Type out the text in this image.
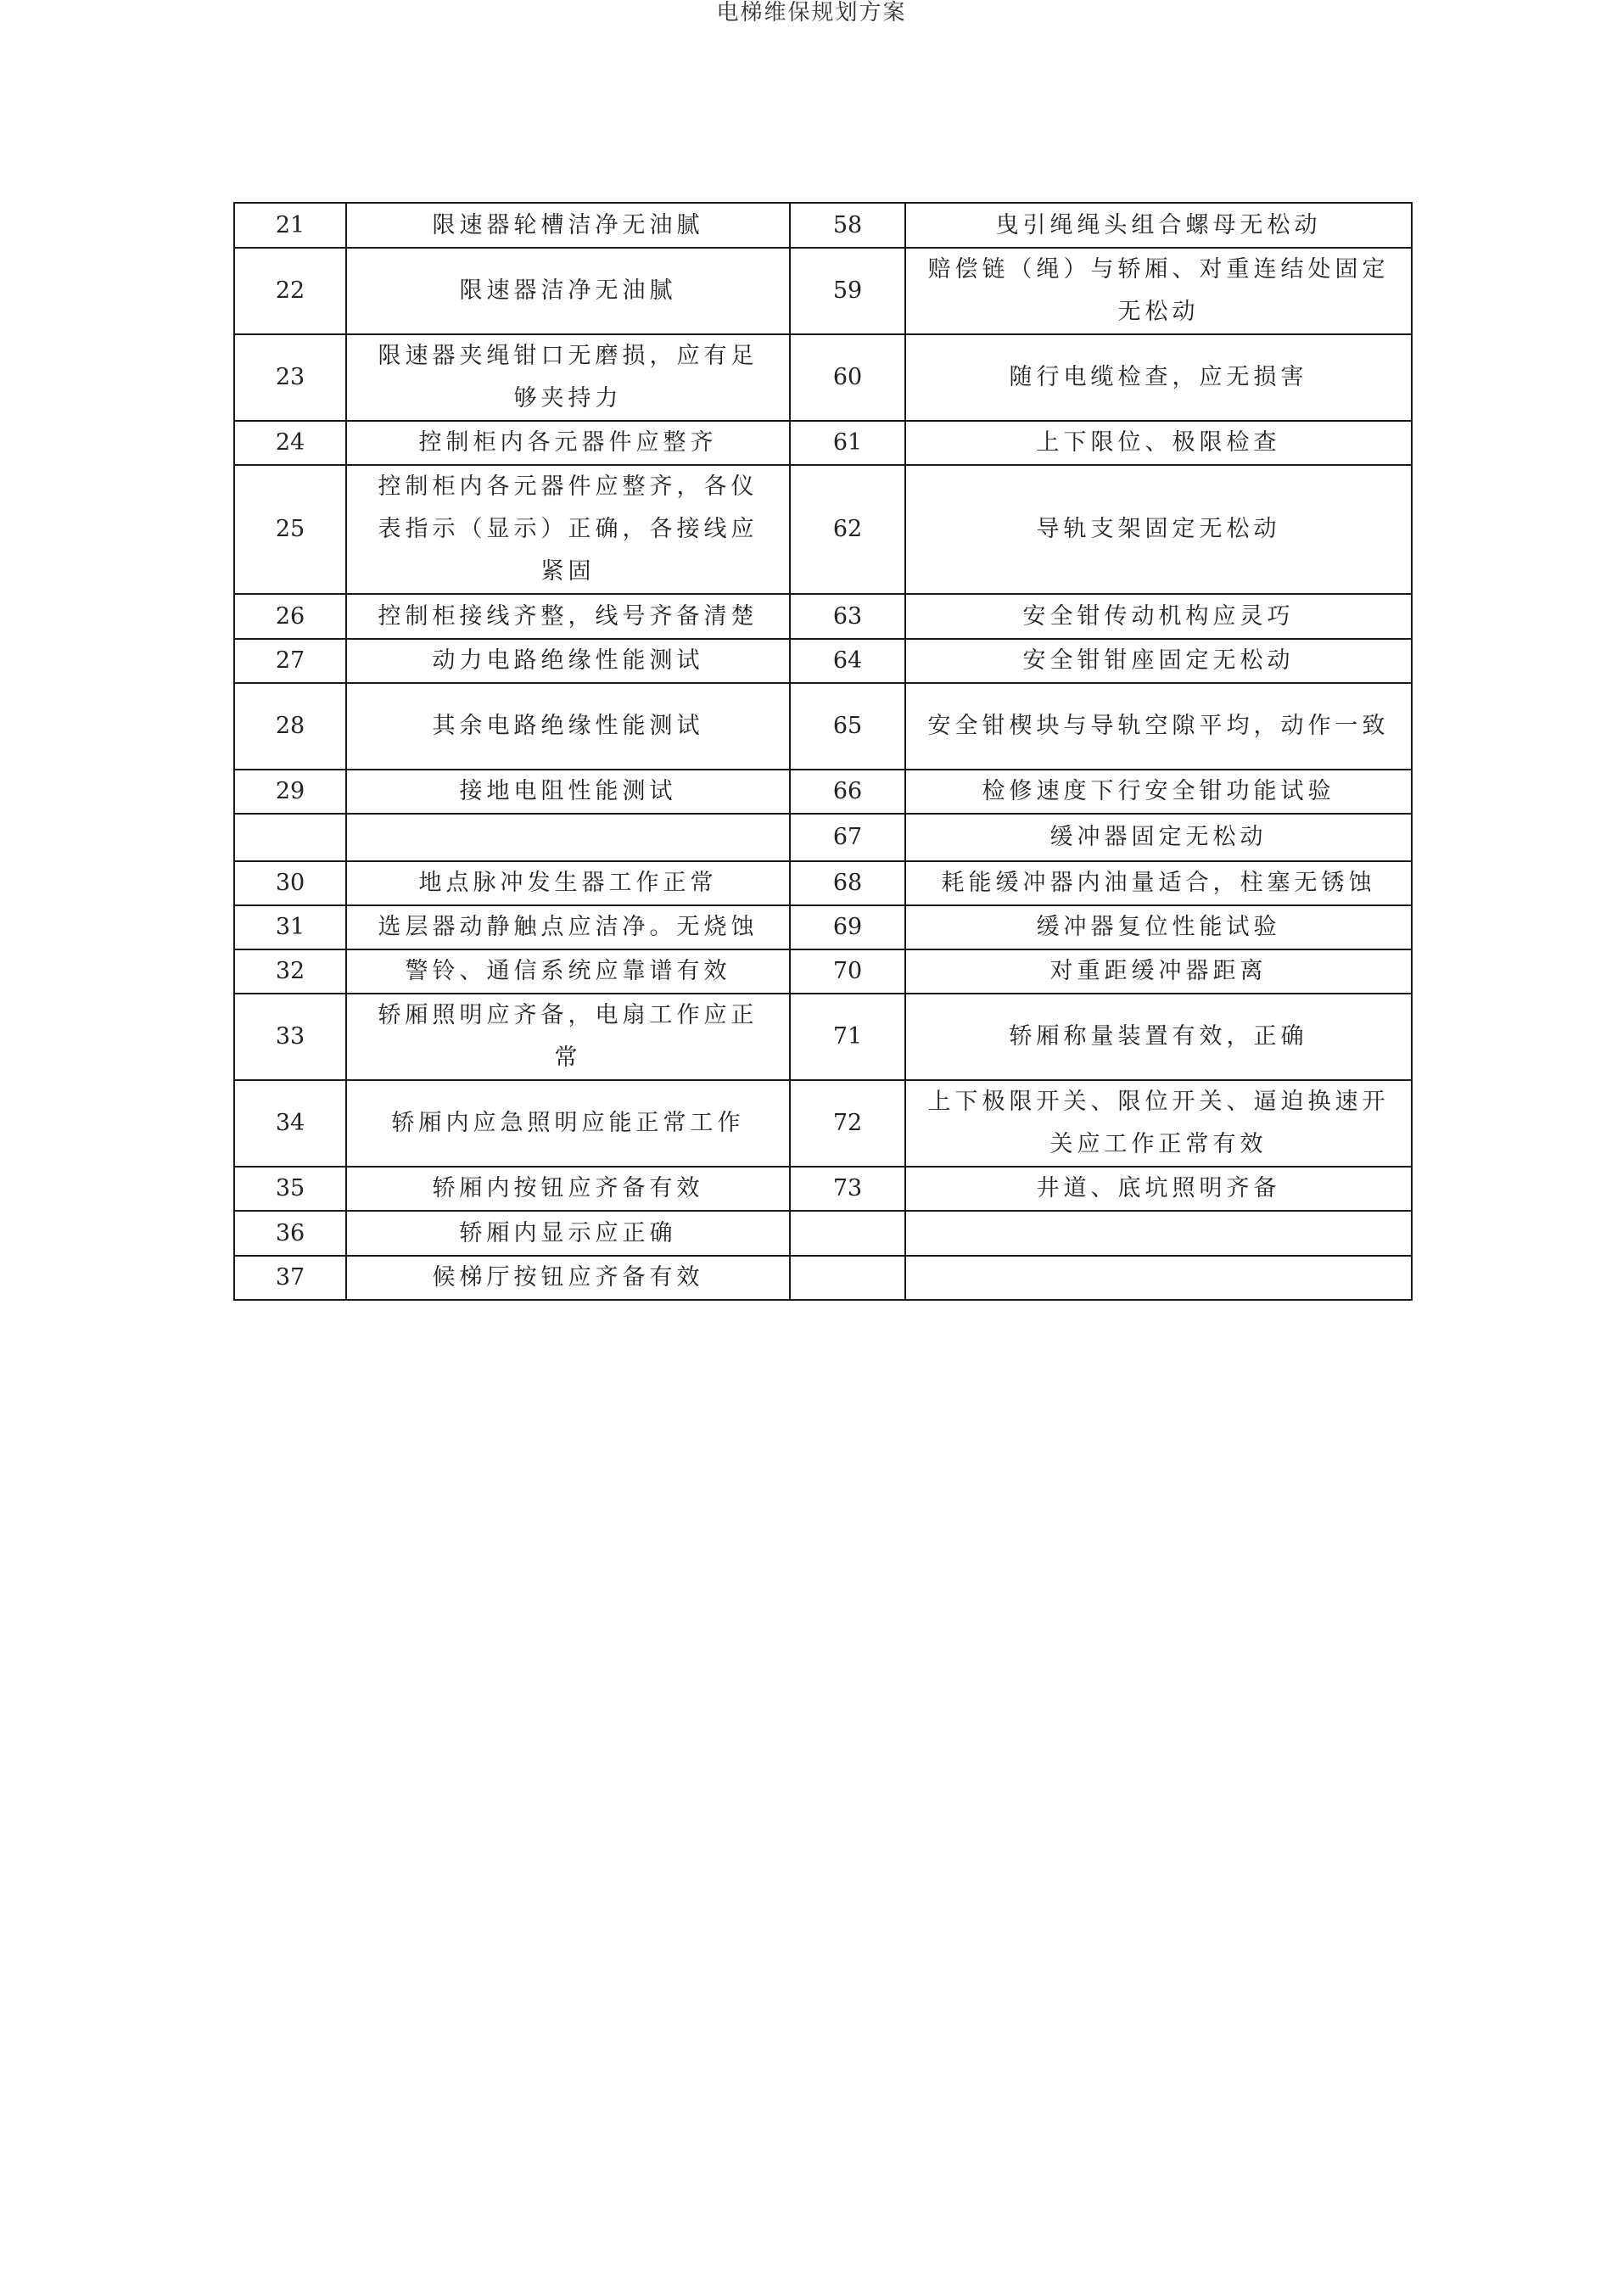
电梯维保规划方案
21	限速器轮槽洁净无油腻	58	曳引绳绳头组合螺母无松动
22	限速器洁净无油腻	59	赔偿链（绳）与轿厢、对重连结处固定无松动
23	限速器夹绳钳口无磨损，应有足够夹持力	60	随行电缆检查，应无损害
24	控制柜内各元器件应整齐	61	上下限位、极限检查
25	控制柜内各元器件应整齐，各仪表指示（显示）正确，各接线应紧固	62	导轨支架固定无松动
26	控制柜接线齐整，线号齐备清楚	63	安全钳传动机构应灵巧
27	动力电路绝缘性能测试	64	安全钳钳座固定无松动
28	其余电路绝缘性能测试	65	安全钳楔块与导轨空隙平均，动作一致
29	接地电阻性能测试	66	检修速度下行安全钳功能试验
		67	缓冲器固定无松动
30	地点脉冲发生器工作正常	68	耗能缓冲器内油量适合，柱塞无锈蚀
31	选层器动静触点应洁净。无烧蚀	69	缓冲器复位性能试验
32	警铃、通信系统应靠谱有效	70	对重距缓冲器距离
33	轿厢照明应齐备，电扇工作应正常	71	轿厢称量装置有效，正确
34	轿厢内应急照明应能正常工作	72	上下极限开关、限位开关、逼迫换速开关应工作正常有效
35	轿厢内按钮应齐备有效	73	井道、底坑照明齐备
36	轿厢内显示应正确		
37	候梯厅按钮应齐备有效		
